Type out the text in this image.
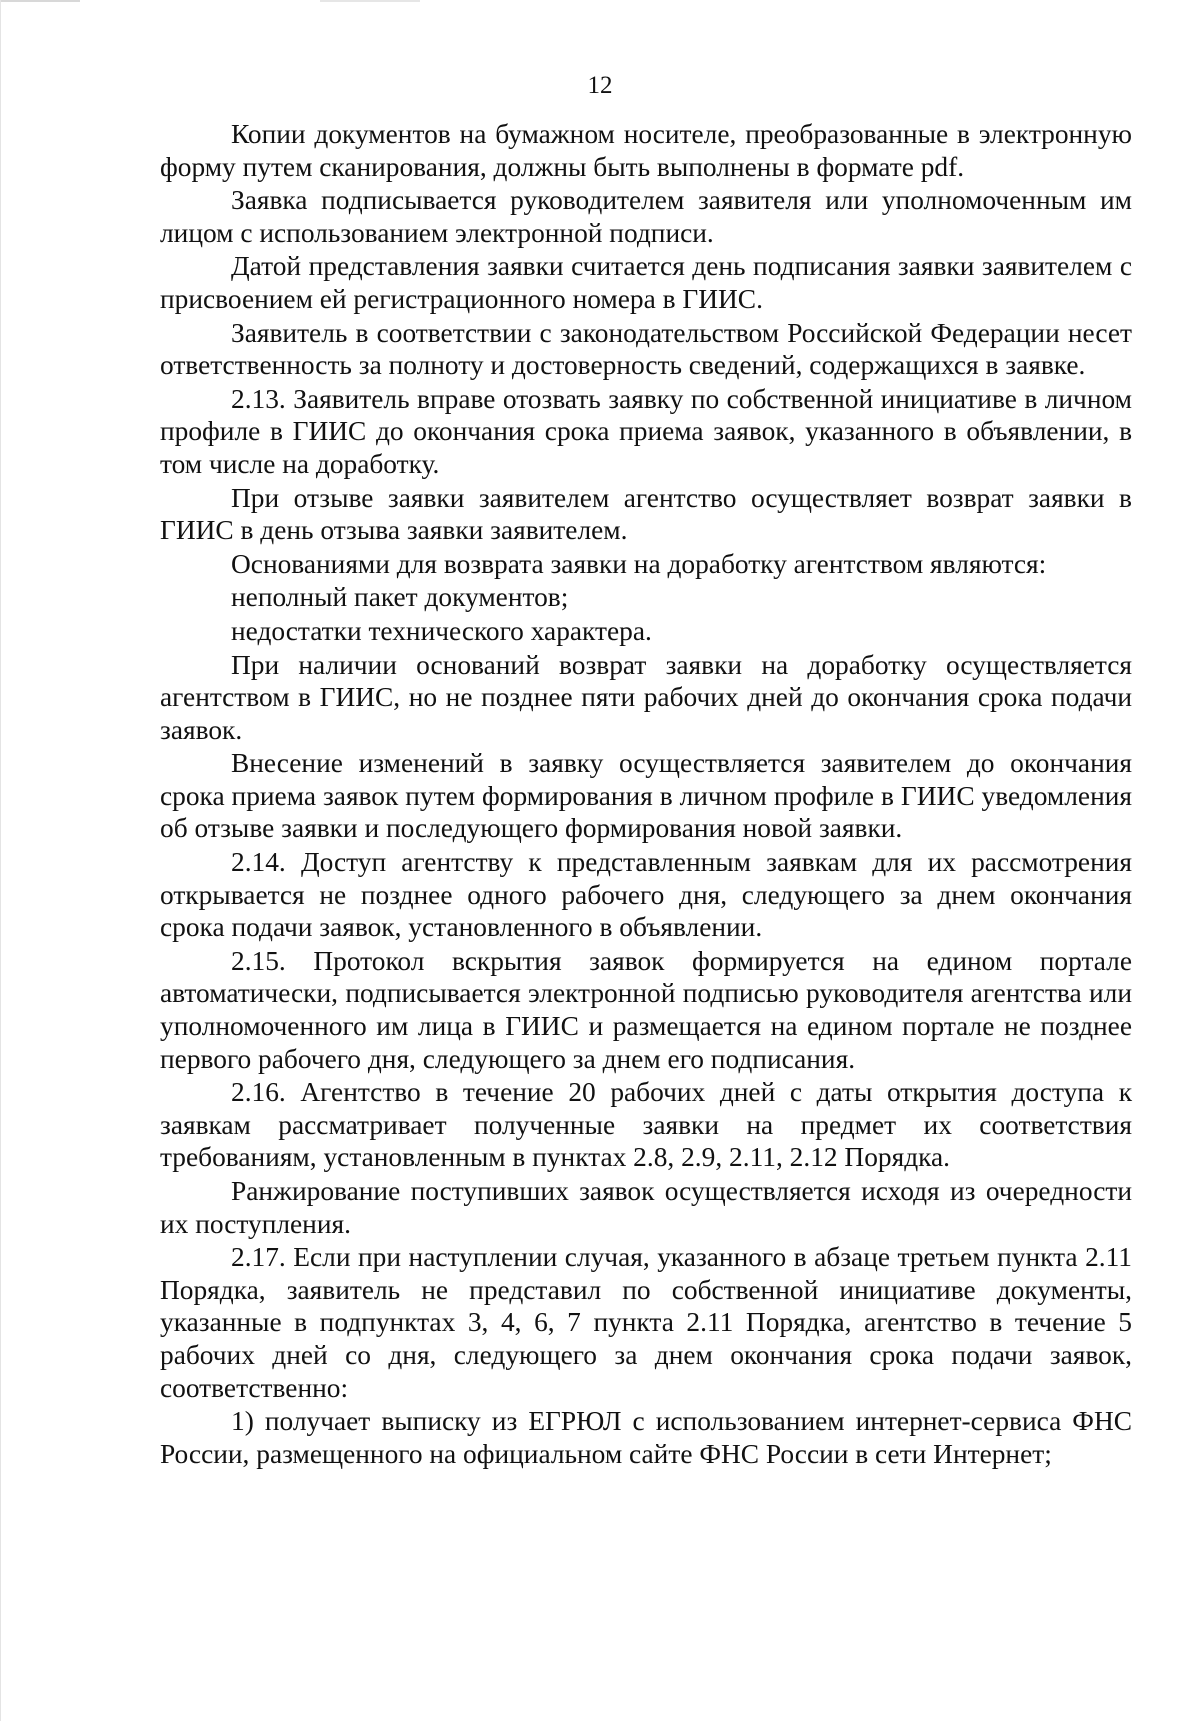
12

Копии документов на бумажном носителе, преобразованные в электронную форму путем сканирования, должны быть выполнены в формате pdf.

Заявка подписывается руководителем заявителя или уполномоченным им лицом с использованием электронной подписи.

Датой представления заявки считается день подписания заявки заявителем с присвоением ей регистрационного номера в ГИИС.

Заявитель в соответствии с законодательством Российской Федерации несет ответственность за полноту и достоверность сведений, содержащихся в заявке.

2.13. Заявитель вправе отозвать заявку по собственной инициативе в личном профиле в ГИИС до окончания срока приема заявок, указанного в объявлении, в том числе на доработку.

При отзыве заявки заявителем агентство осуществляет возврат заявки в ГИИС в день отзыва заявки заявителем.

Основаниями для возврата заявки на доработку агентством являются:

неполный пакет документов;

недостатки технического характера.

При наличии оснований возврат заявки на доработку осуществляется агентством в ГИИС, но не позднее пяти рабочих дней до окончания срока подачи заявок.

Внесение изменений в заявку осуществляется заявителем до окончания срока приема заявок путем формирования в личном профиле в ГИИС уведомления об отзыве заявки и последующего формирования новой заявки.

2.14. Доступ агентству к представленным заявкам для их рассмотрения открывается не позднее одного рабочего дня, следующего за днем окончания срока подачи заявок, установленного в объявлении.

2.15. Протокол вскрытия заявок формируется на едином портале автоматически, подписывается электронной подписью руководителя агентства или уполномоченного им лица в ГИИС и размещается на едином портале не позднее первого рабочего дня, следующего за днем его подписания.

2.16. Агентство в течение 20 рабочих дней с даты открытия доступа к заявкам рассматривает полученные заявки на предмет их соответствия требованиям, установленным в пунктах 2.8, 2.9, 2.11, 2.12 Порядка.

Ранжирование поступивших заявок осуществляется исходя из очередности их поступления.

2.17. Если при наступлении случая, указанного в абзаце третьем пункта 2.11 Порядка, заявитель не представил по собственной инициативе документы, указанные в подпунктах 3, 4, 6, 7 пункта 2.11 Порядка, агентство в течение 5 рабочих дней со дня, следующего за днем окончания срока подачи заявок, соответственно:

1) получает выписку из ЕГРЮЛ с использованием интернет-сервиса ФНС России, размещенного на официальном сайте ФНС России в сети Интернет;
